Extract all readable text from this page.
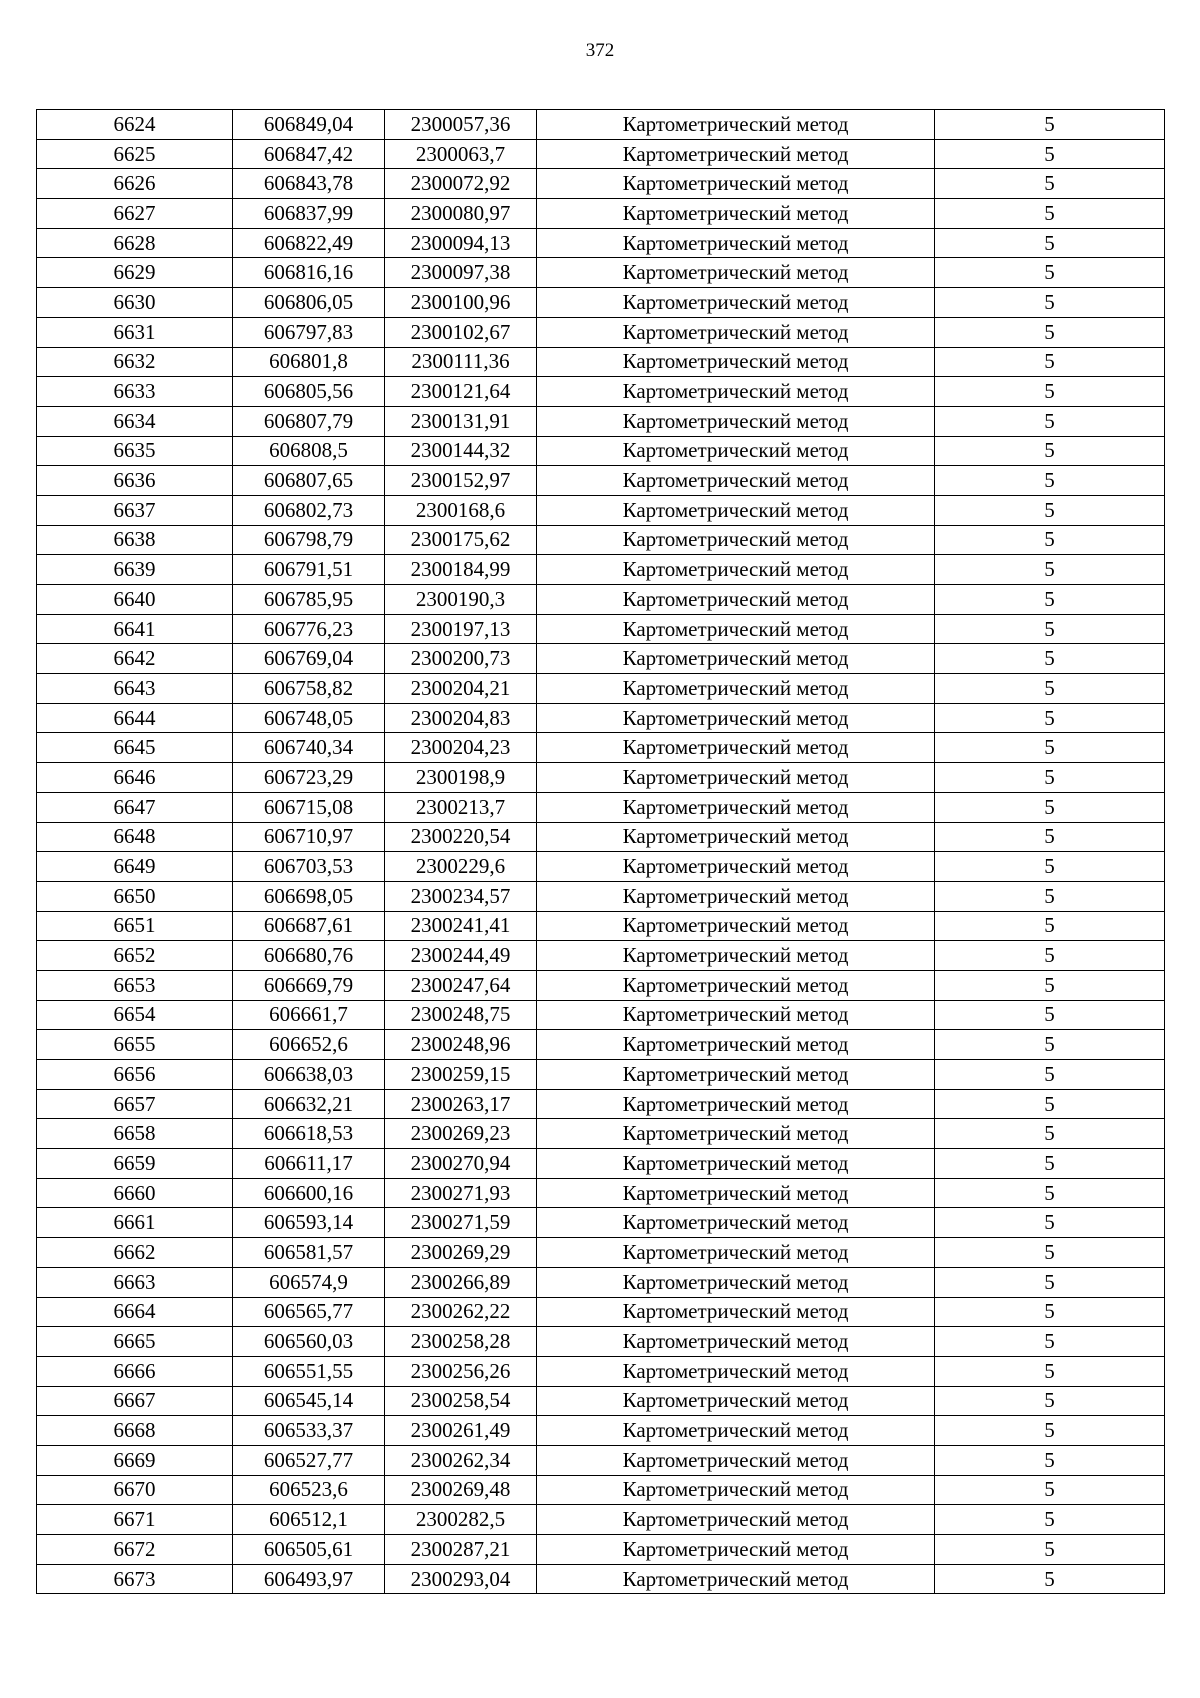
372
6624	606849,04	2300057,36	Картометрический метод	5
6625	606847,42	2300063,7	Картометрический метод	5
6626	606843,78	2300072,92	Картометрический метод	5
6627	606837,99	2300080,97	Картометрический метод	5
6628	606822,49	2300094,13	Картометрический метод	5
6629	606816,16	2300097,38	Картометрический метод	5
6630	606806,05	2300100,96	Картометрический метод	5
6631	606797,83	2300102,67	Картометрический метод	5
6632	606801,8	2300111,36	Картометрический метод	5
6633	606805,56	2300121,64	Картометрический метод	5
6634	606807,79	2300131,91	Картометрический метод	5
6635	606808,5	2300144,32	Картометрический метод	5
6636	606807,65	2300152,97	Картометрический метод	5
6637	606802,73	2300168,6	Картометрический метод	5
6638	606798,79	2300175,62	Картометрический метод	5
6639	606791,51	2300184,99	Картометрический метод	5
6640	606785,95	2300190,3	Картометрический метод	5
6641	606776,23	2300197,13	Картометрический метод	5
6642	606769,04	2300200,73	Картометрический метод	5
6643	606758,82	2300204,21	Картометрический метод	5
6644	606748,05	2300204,83	Картометрический метод	5
6645	606740,34	2300204,23	Картометрический метод	5
6646	606723,29	2300198,9	Картометрический метод	5
6647	606715,08	2300213,7	Картометрический метод	5
6648	606710,97	2300220,54	Картометрический метод	5
6649	606703,53	2300229,6	Картометрический метод	5
6650	606698,05	2300234,57	Картометрический метод	5
6651	606687,61	2300241,41	Картометрический метод	5
6652	606680,76	2300244,49	Картометрический метод	5
6653	606669,79	2300247,64	Картометрический метод	5
6654	606661,7	2300248,75	Картометрический метод	5
6655	606652,6	2300248,96	Картометрический метод	5
6656	606638,03	2300259,15	Картометрический метод	5
6657	606632,21	2300263,17	Картометрический метод	5
6658	606618,53	2300269,23	Картометрический метод	5
6659	606611,17	2300270,94	Картометрический метод	5
6660	606600,16	2300271,93	Картометрический метод	5
6661	606593,14	2300271,59	Картометрический метод	5
6662	606581,57	2300269,29	Картометрический метод	5
6663	606574,9	2300266,89	Картометрический метод	5
6664	606565,77	2300262,22	Картометрический метод	5
6665	606560,03	2300258,28	Картометрический метод	5
6666	606551,55	2300256,26	Картометрический метод	5
6667	606545,14	2300258,54	Картометрический метод	5
6668	606533,37	2300261,49	Картометрический метод	5
6669	606527,77	2300262,34	Картометрический метод	5
6670	606523,6	2300269,48	Картометрический метод	5
6671	606512,1	2300282,5	Картометрический метод	5
6672	606505,61	2300287,21	Картометрический метод	5
6673	606493,97	2300293,04	Картометрический метод	5
